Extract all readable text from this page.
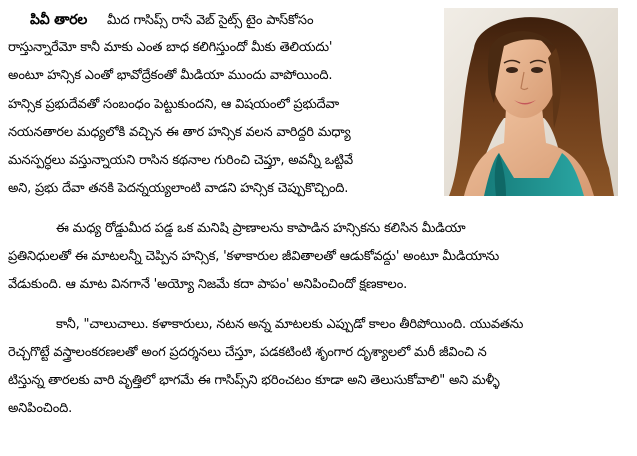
పివీ తారల మీద గాసిప్స్ రాసే వెబ్ సైట్స్ టైం పాస్‌కోసం
రాస్తున్నారేమో కానీ మాకు ఎంత బాధ కలిగిస్తుందో మీకు తెలియదు'
అంటూ హన్సిక ఎంతో భావోద్రేకంతో మీడియా ముందు వాపోయింది.
హన్సిక ప్రభుదేవతో సంబంధం పెట్టుకుందని, ఆ విషయంలో ప్రభుదేవా
నయనతారల మధ్యలోకి వచ్చిన ఈ తార హన్సిక వలన వారిద్దరి మధ్యా
మనస్పర్ధలు వస్తున్నాయని రాసిన కథనాల గురించి చెప్తూ, అవన్నీ ఒట్టివే
అని, ప్రభు దేవా తనకి పెదన్నయ్యలాంటి వాడని హన్సిక చెప్పుకొచ్చింది.
ఈ మధ్య రోడ్డుమీద పడ్డ ఒక మనిషి ప్రాణాలను కాపాడిన హన్సికను కలిసిన మీడియా
ప్రతినిధులతో ఈ మాటలన్నీ చెప్పిన హన్సిక, 'కళాకారుల జీవితాలతో ఆడుకోవద్దు' అంటూ మీడియాను
వేడుకుంది. ఆ మాట వినగానే 'అయ్యో నిజమే కదా పాపం' అనిపించిందో క్షణకాలం.
కానీ, "చాలుచాలు. కళాకారులు, నటన అన్న మాటలకు ఎప్పుడో కాలం తీరిపోయింది. యువతను
రెచ్చగొట్టే వస్త్రాలంకరణలతో అంగ ప్రదర్శనలు చేస్తూ, పడకటింటి శృంగార దృశ్యాలలో మరీ జీవించి న
టిస్తున్న తారలకు వారి వృత్తిలో భాగమే ఈ గాసిప్స్‌ని భరించటం కూడా అని తెలుసుకోవాలి" అని మళ్ళీ
అనిపించింది.
